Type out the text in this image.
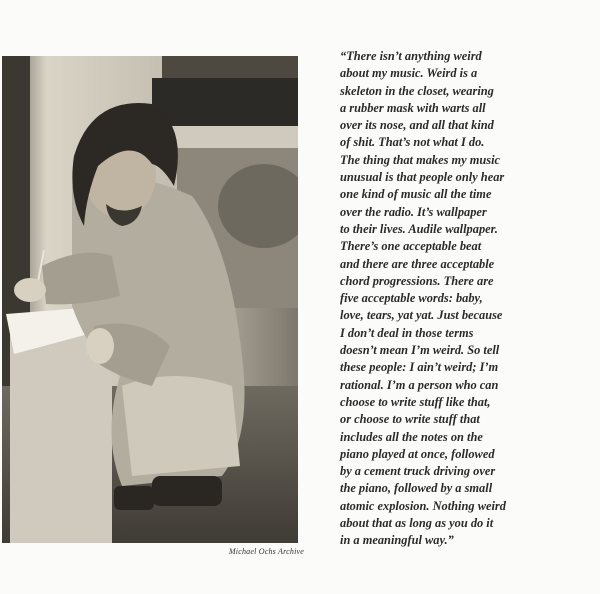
Michael Ochs Archive
“There isn’t anything weird
about my music. Weird is a
skeleton in the closet, wearing
a rubber mask with warts all
over its nose, and all that kind
of shit. That’s not what I do.
The thing that makes my music
unusual is that people only hear
one kind of music all the time
over the radio. It’s wallpaper
to their lives. Audile wallpaper.
There’s one acceptable beat
and there are three acceptable
chord progressions. There are
five acceptable words: baby,
love, tears, yat yat. Just because
I don’t deal in those terms
doesn’t mean I’m weird. So tell
these people: I ain’t weird; I’m
rational. I’m a person who can
choose to write stuff like that,
or choose to write stuff that
includes all the notes on the
piano played at once, followed
by a cement truck driving over
the piano, followed by a small
atomic explosion. Nothing weird
about that as long as you do it
in a meaningful way.”
